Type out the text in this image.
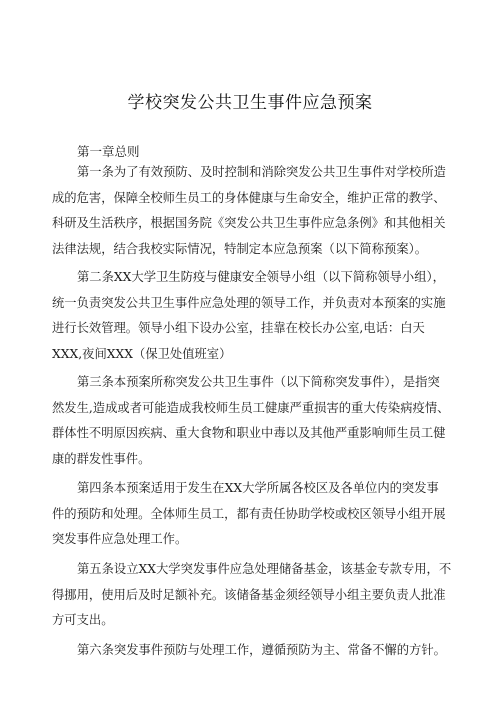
学校突发公共卫生事件应急预案
第一章总则
第一条为了有效预防、及时控制和消除突发公共卫生事件对学校所造
成的危害，保障全校师生员工的身体健康与生命安全，维护正常的教学、
科研及生活秩序，根据国务院《突发公共卫生事件应急条例》和其他相关
法律法规，结合我校实际情况，特制定本应急预案（以下简称预案）。
第二条XX大学卫生防疫与健康安全领导小组（以下简称领导小组），
统一负责突发公共卫生事件应急处理的领导工作，并负责对本预案的实施
进行长效管理。领导小组下设办公室，挂靠在校长办公室,电话：白天
XXX,夜间XXX（保卫处值班室）
第三条本预案所称突发公共卫生事件（以下简称突发事件），是指突
然发生,造成或者可能造成我校师生员工健康严重损害的重大传染病疫情、
群体性不明原因疾病、重大食物和职业中毒以及其他严重影响师生员工健
康的群发性事件。
第四条本预案适用于发生在XX大学所属各校区及各单位内的突发事
件的预防和处理。全体师生员工，都有责任协助学校或校区领导小组开展
突发事件应急处理工作。
第五条设立XX大学突发事件应急处理储备基金，该基金专款专用，不
得挪用，使用后及时足额补充。该储备基金须经领导小组主要负责人批准
方可支出。
第六条突发事件预防与处理工作，遵循预防为主、常备不懈的方针。
